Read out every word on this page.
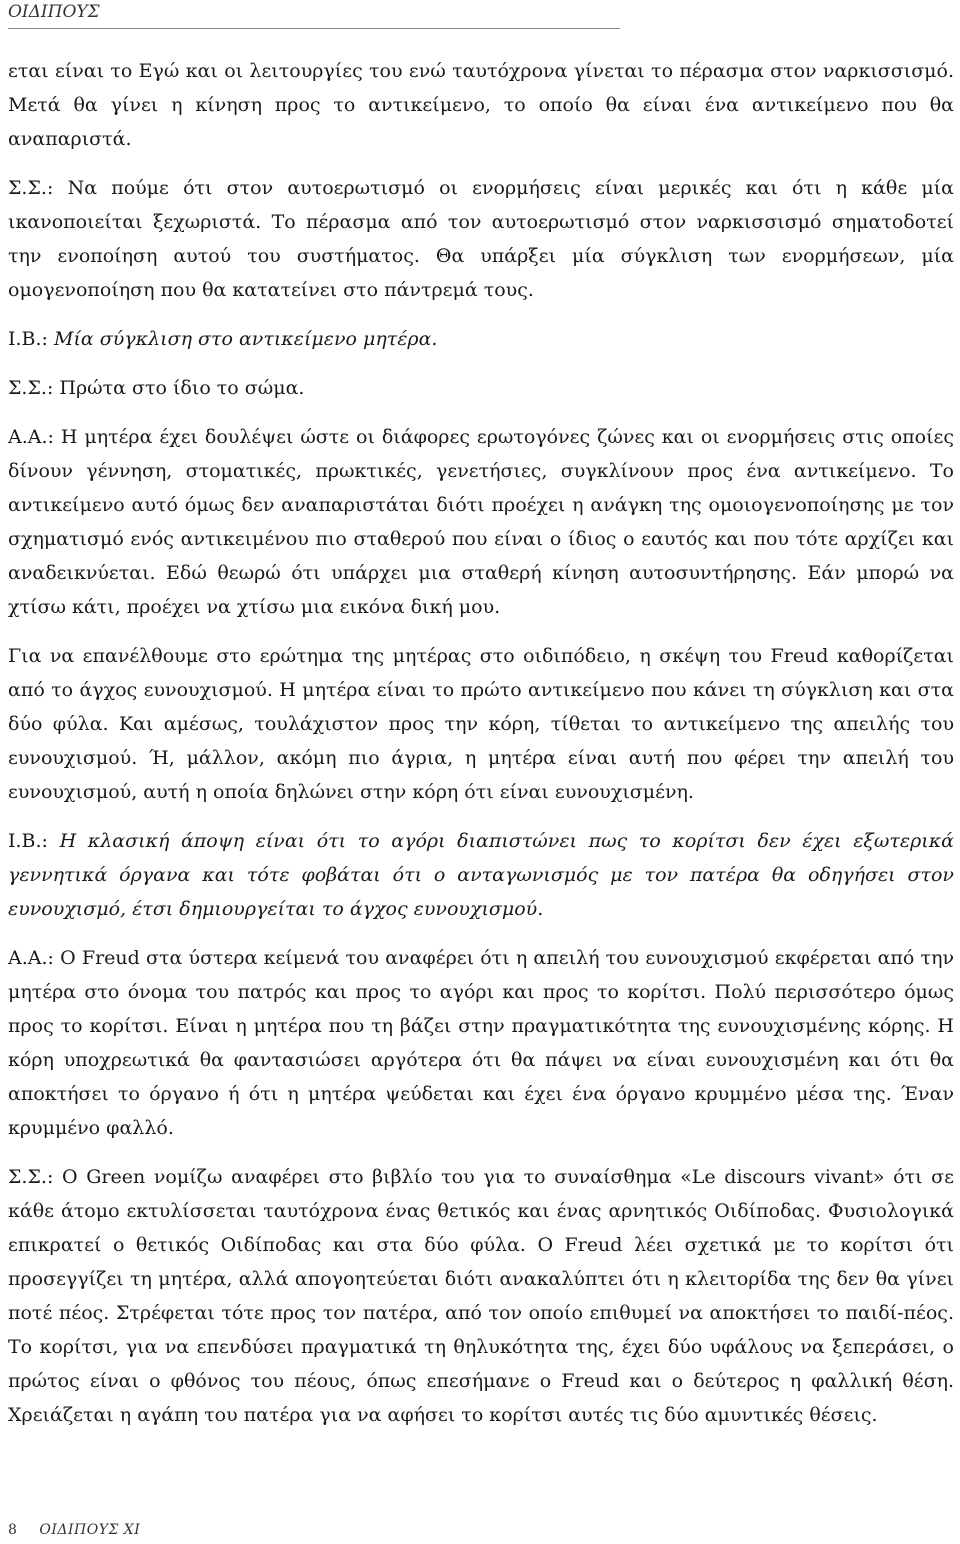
ΟΙΔΙΠΟΥΣ

εται είναι το Εγώ και οι λειτουργίες του ενώ ταυτόχρονα γίνεται το πέρασμα στον ναρκισσισμό. Μετά θα γίνει η κίνηση προς το αντικείμενο, το οποίο θα είναι ένα αντικείμενο που θα αναπαριστά.

Σ.Σ.: Να πούμε ότι στον αυτοερωτισμό οι ενορμήσεις είναι μερικές και ότι η κάθε μία ικανοποιείται ξεχωριστά. Το πέρασμα από τον αυτοερωτισμό στον ναρκισσισμό σηματοδοτεί την ενοποίηση αυτού του συστήματος. Θα υπάρξει μία σύγκλιση των ενορμήσεων, μία ομογενοποίηση που θα κατατείνει στο πάντρεμά τους.

Ι.Β.: Μία σύγκλιση στο αντικείμενο μητέρα.

Σ.Σ.: Πρώτα στο ίδιο το σώμα.

Α.Α.: Η μητέρα έχει δουλέψει ώστε οι διάφορες ερωτογόνες ζώνες και οι ενορμήσεις στις οποίες δίνουν γέννηση, στοματικές, πρωκτικές, γενετήσιες, συγκλίνουν προς ένα αντικείμενο. Το αντικείμενο αυτό όμως δεν αναπαριστάται διότι προέχει η ανάγκη της ομοιογενοποίησης με τον σχηματισμό ενός αντικειμένου πιο σταθερού που είναι ο ίδιος ο εαυτός και που τότε αρχίζει και αναδεικνύεται. Εδώ θεωρώ ότι υπάρχει μια σταθερή κίνηση αυτοσυντήρησης. Εάν μπορώ να χτίσω κάτι, προέχει να χτίσω μια εικόνα δική μου.

Για να επανέλθουμε στο ερώτημα της μητέρας στο οιδιπόδειο, η σκέψη του Freud καθορίζεται από το άγχος ευνουχισμού. Η μητέρα είναι το πρώτο αντικείμενο που κάνει τη σύγκλιση και στα δύο φύλα. Και αμέσως, τουλάχιστον προς την κόρη, τίθεται το αντικείμενο της απειλής του ευνουχισμού. Ή, μάλλον, ακόμη πιο άγρια, η μητέρα είναι αυτή που φέρει την απειλή του ευνουχισμού, αυτή η οποία δηλώνει στην κόρη ότι είναι ευνουχισμένη.

Ι.Β.: Η κλασική άποψη είναι ότι το αγόρι διαπιστώνει πως το κορίτσι δεν έχει εξωτερικά γεννητικά όργανα και τότε φοβάται ότι ο ανταγωνισμός με τον πατέρα θα οδηγήσει στον ευνουχισμό, έτσι δημιουργείται το άγχος ευνουχισμού.

Α.Α.: Ο Freud στα ύστερα κείμενά του αναφέρει ότι η απειλή του ευνουχισμού εκφέρεται από την μητέρα στο όνομα του πατρός και προς το αγόρι και προς το κορίτσι. Πολύ περισσότερο όμως προς το κορίτσι. Είναι η μητέρα που τη βάζει στην πραγματικότητα της ευνουχισμένης κόρης. Η κόρη υποχρεωτικά θα φαντασιώσει αργότερα ότι θα πάψει να είναι ευνουχισμένη και ότι θα αποκτήσει το όργανο ή ότι η μητέρα ψεύδεται και έχει ένα όργανο κρυμμένο μέσα της. Έναν κρυμμένο φαλλό.

Σ.Σ.: Ο Green νομίζω αναφέρει στο βιβλίο του για το συναίσθημα «Le discours vivant» ότι σε κάθε άτομο εκτυλίσσεται ταυτόχρονα ένας θετικός και ένας αρνητικός Οιδίποδας. Φυσιολογικά επικρατεί ο θετικός Οιδίποδας και στα δύο φύλα. Ο Freud λέει σχετικά με το κορίτσι ότι προσεγγίζει τη μητέρα, αλλά απογοητεύεται διότι ανακαλύπτει ότι η κλειτορίδα της δεν θα γίνει ποτέ πέος. Στρέφεται τότε προς τον πατέρα, από τον οποίο επιθυμεί να αποκτήσει το παιδί-πέος. Το κορίτσι, για να επενδύσει πραγματικά τη θηλυκότητα της, έχει δύο υφάλους να ξεπεράσει, ο πρώτος είναι ο φθόνος του πέους, όπως επεσήμανε ο Freud και ο δεύτερος η φαλλική θέση. Χρειάζεται η αγάπη του πατέρα για να αφήσει το κορίτσι αυτές τις δύο αμυντικές θέσεις.

8 ΟΙΔΙΠΟΥΣ ΧΙ
